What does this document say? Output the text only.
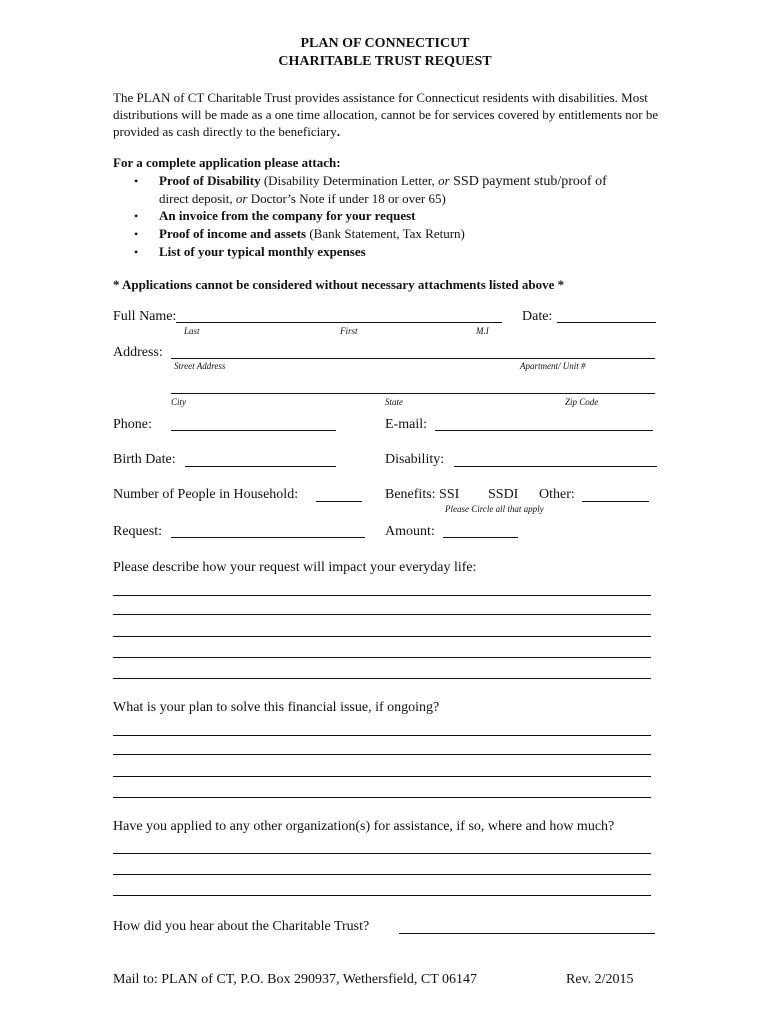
PLAN OF CONNECTICUT
CHARITABLE TRUST REQUEST
The PLAN of CT Charitable Trust provides assistance for Connecticut residents with disabilities. Most distributions will be made as a one time allocation, cannot be for services covered by entitlements nor be provided as cash directly to the beneficiary.
For a complete application please attach:
• Proof of Disability (Disability Determination Letter, or SSD payment stub/proof of
direct deposit, or Doctor’s Note if under 18 or over 65)
• An invoice from the company for your request
• Proof of income and assets (Bank Statement, Tax Return)
• List of your typical monthly expenses
* Applications cannot be considered without necessary attachments listed above *
Full Name:	Date:
Last	First	M.I
Address:
Street Address	Apartment/ Unit #
City	State	Zip Code
Phone:	E-mail:
Birth Date:	Disability:
Number of People in Household:	Benefits: SSI SSDI Other:
Please Circle all that apply
Request:	Amount:
Please describe how your request will impact your everyday life:
What is your plan to solve this financial issue, if ongoing?
Have you applied to any other organization(s) for assistance, if so, where and how much?
How did you hear about the Charitable Trust?
Mail to: PLAN of CT, P.O. Box 290937, Wethersfield, CT 06147	Rev. 2/2015
